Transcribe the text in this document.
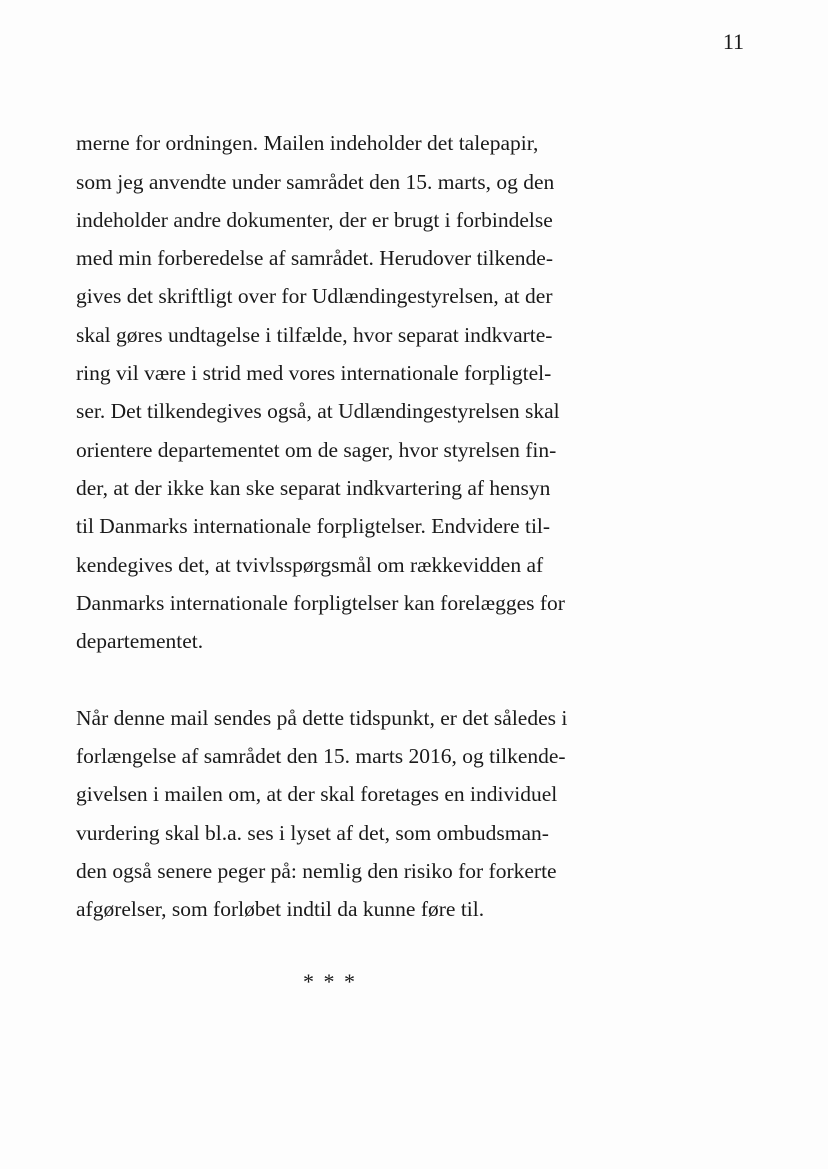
11
merne for ordningen. Mailen indeholder det talepapir,
som jeg anvendte under samrådet den 15. marts, og den
indeholder andre dokumenter, der er brugt i forbindelse
med min forberedelse af samrådet. Herudover tilkende-
gives det skriftligt over for Udlændingestyrelsen, at der
skal gøres undtagelse i tilfælde, hvor separat indkvarte-
ring vil være i strid med vores internationale forpligtel-
ser. Det tilkendegives også, at Udlændingestyrelsen skal
orientere departementet om de sager, hvor styrelsen fin-
der, at der ikke kan ske separat indkvartering af hensyn
til Danmarks internationale forpligtelser. Endvidere til-
kendegives det, at tvivlsspørgsmål om rækkevidden af
Danmarks internationale forpligtelser kan forelægges for
departementet.
Når denne mail sendes på dette tidspunkt, er det således i
forlængelse af samrådet den 15. marts 2016, og tilkende-
givelsen i mailen om, at der skal foretages en individuel
vurdering skal bl.a. ses i lyset af det, som ombudsman-
den også senere peger på: nemlig den risiko for forkerte
afgørelser, som forløbet indtil da kunne føre til.
* * *
